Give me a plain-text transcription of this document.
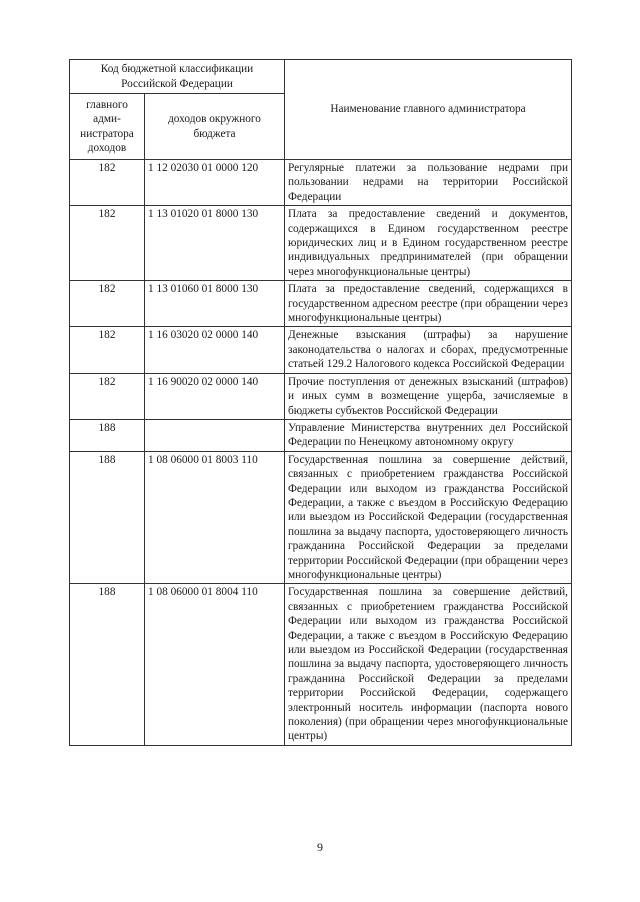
Код бюджетной классификации Российской Федерации		Наименование главного администратора
главного адми-нистратора доходов	доходов окружного бюджета	
182	1 12 02030 01 0000 120	Регулярные платежи за пользование недрами при пользовании недрами на территории Российской Федерации
182	1 13 01020 01 8000 130	Плата за предоставление сведений и документов, содержащихся в Едином государственном реестре юридических лиц и в Едином государственном реестре индивидуальных предпринимателей (при обращении через многофункциональные центры)
182	1 13 01060 01 8000 130	Плата за предоставление сведений, содержащихся в государственном адресном реестре (при обращении через многофункциональные центры)
182	1 16 03020 02 0000 140	Денежные взыскания (штрафы) за нарушение законодательства о налогах и сборах, предусмотренные статьей 129.2 Налогового кодекса Российской Федерации
182	1 16 90020 02 0000 140	Прочие поступления от денежных взысканий (штрафов) и иных сумм в возмещение ущерба, зачисляемые в бюджеты субъектов Российской Федерации
188		Управление Министерства внутренних дел Российской Федерации по Ненецкому автономному округу
188	1 08 06000 01 8003 110	Государственная пошлина за совершение действий, связанных с приобретением гражданства Российской Федерации или выходом из гражданства Российской Федерации, а также с въездом в Российскую Федерацию или выездом из Российской Федерации (государственная пошлина за выдачу паспорта, удостоверяющего личность гражданина Российской Федерации за пределами территории Российской Федерации (при обращении через многофункциональные центры)
188	1 08 06000 01 8004 110	Государственная пошлина за совершение действий, связанных с приобретением гражданства Российской Федерации или выходом из гражданства Российской Федерации, а также с въездом в Российскую Федерацию или выездом из Российской Федерации (государственная пошлина за выдачу паспорта, удостоверяющего личность гражданина Российской Федерации за пределами территории Российской Федерации, содержащего электронный носитель информации (паспорта нового поколения) (при обращении через многофункциональные центры)
9
